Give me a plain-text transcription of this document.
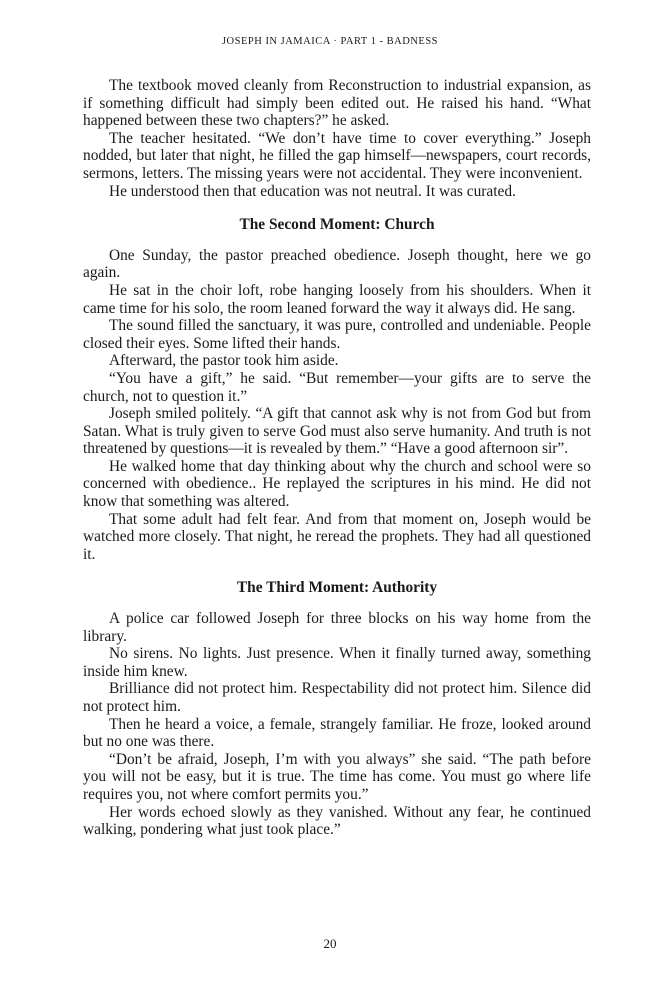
JOSEPH IN JAMAICA · PART 1 - BADNESS

The textbook moved cleanly from Reconstruction to industrial expansion, as if something difficult had simply been edited out. He raised his hand. “What happened between these two chapters?” he asked.

The teacher hesitated. “We don’t have time to cover everything.” Joseph nodded, but later that night, he filled the gap himself—newspapers, court records, sermons, letters. The missing years were not accidental. They were inconvenient.

He understood then that education was not neutral. It was curated.

The Second Moment: Church

One Sunday, the pastor preached obedience. Joseph thought, here we go again.

He sat in the choir loft, robe hanging loosely from his shoulders. When it came time for his solo, the room leaned forward the way it always did. He sang.

The sound filled the sanctuary, it was pure, controlled and undeniable. People closed their eyes. Some lifted their hands.

Afterward, the pastor took him aside.

“You have a gift,” he said. “But remember—your gifts are to serve the church, not to question it.”

Joseph smiled politely. “A gift that cannot ask why is not from God but from Satan. What is truly given to serve God must also serve humanity. And truth is not threatened by questions—it is revealed by them.” “Have a good afternoon sir”.

He walked home that day thinking about why the church and school were so concerned with obedience.. He replayed the scriptures in his mind. He did not know that something was altered.

That some adult had felt fear. And from that moment on, Joseph would be watched more closely. That night, he reread the prophets. They had all questioned it.

The Third Moment: Authority

A police car followed Joseph for three blocks on his way home from the library.

No sirens. No lights. Just presence. When it finally turned away, something inside him knew.

Brilliance did not protect him. Respectability did not protect him. Silence did not protect him.

Then he heard a voice, a female, strangely familiar. He froze, looked around but no one was there.

“Don’t be afraid, Joseph, I’m with you always” she said. “The path before you will not be easy, but it is true. The time has come. You must go where life requires you, not where comfort permits you.”

Her words echoed slowly as they vanished. Without any fear, he continued walking, pondering what just took place.”

20
